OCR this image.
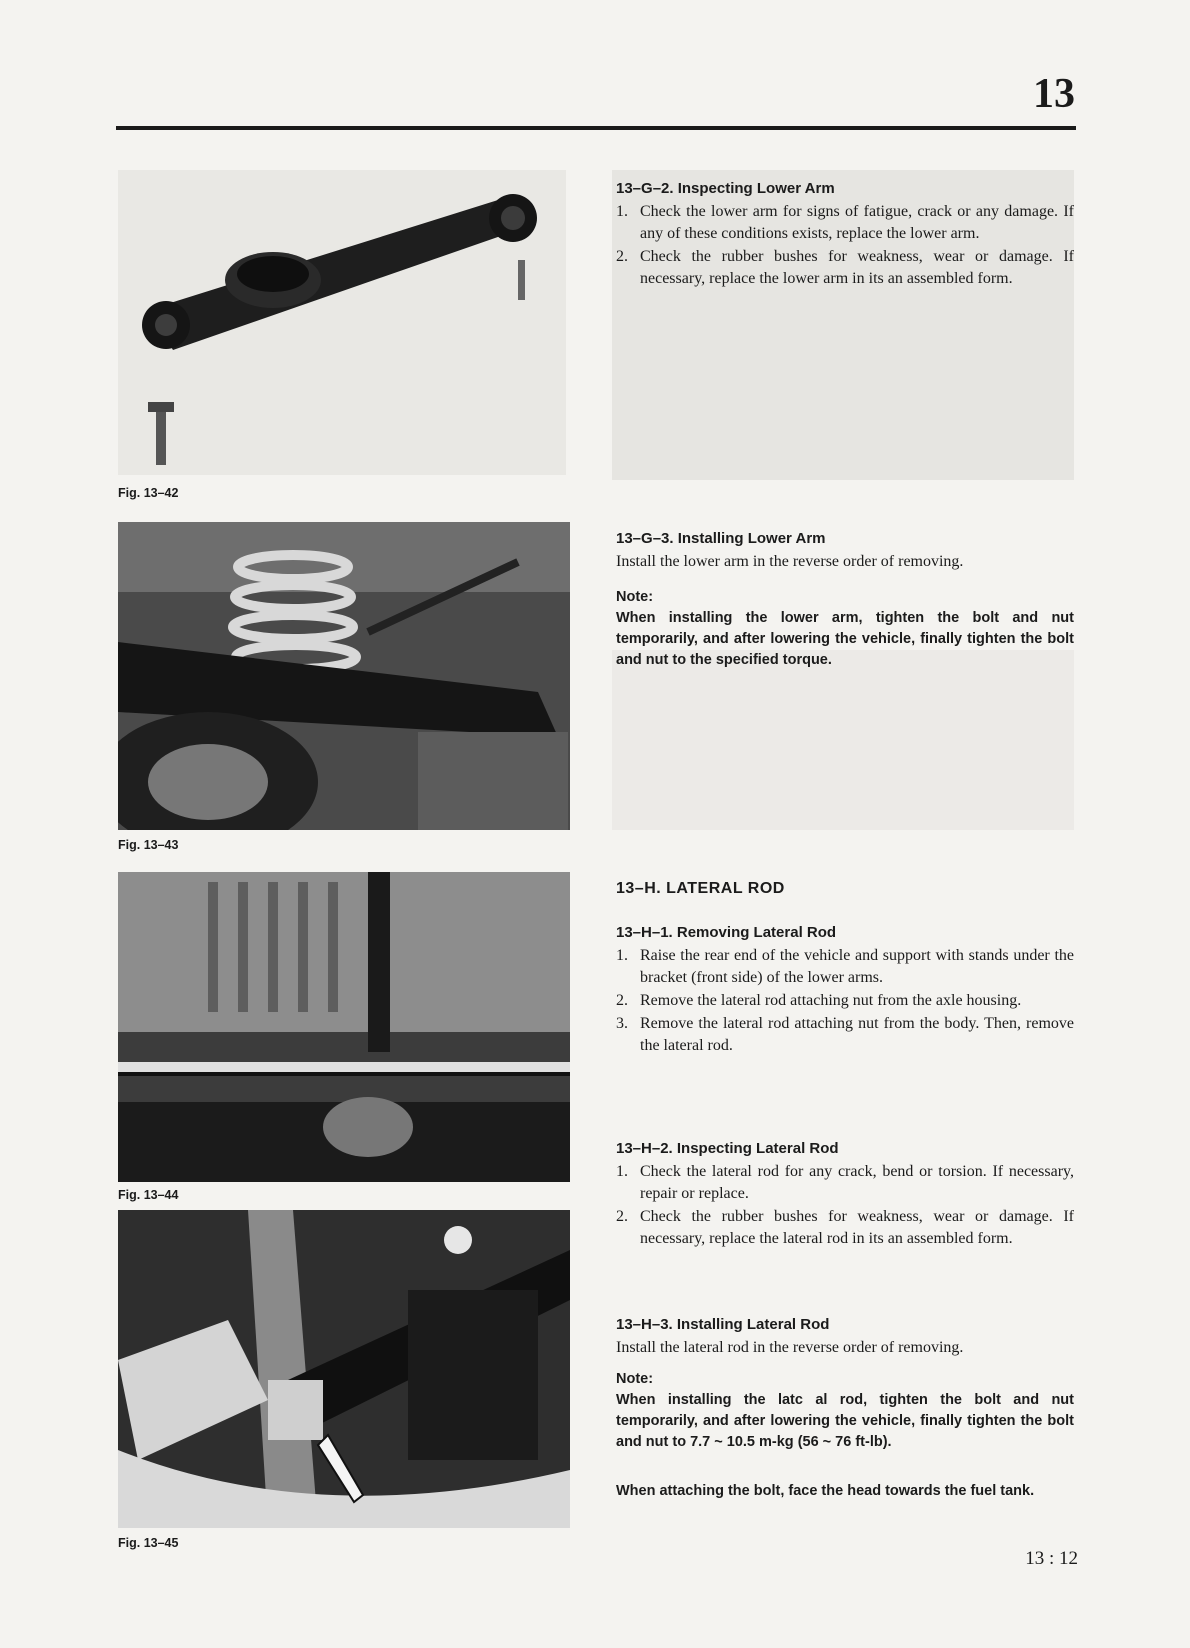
13
Fig. 13–42
Fig. 13–43
Fig. 13–44
Fig. 13–45

13–G–2. Inspecting Lower Arm

1. Check the lower arm for signs of fatigue, crack or any damage. If any of these conditions exists, replace the lower arm.
2. Check the rubber bushes for weakness, wear or damage. If necessary, replace the lower arm in its an assembled form.

13–G–3. Installing Lower Arm

Install the lower arm in the reverse order of removing.

Note:

When installing the lower arm, tighten the bolt and nut temporarily, and after lowering the vehicle, finally tighten the bolt and nut to the specified torque.

13–H. LATERAL ROD

13–H–1. Removing Lateral Rod

1. Raise the rear end of the vehicle and support with stands under the bracket (front side) of the lower arms.
2. Remove the lateral rod attaching nut from the axle housing.
3. Remove the lateral rod attaching nut from the body. Then, remove the lateral rod.

13–H–2. Inspecting Lateral Rod

1. Check the lateral rod for any crack, bend or torsion. If necessary, repair or replace.
2. Check the rubber bushes for weakness, wear or damage. If necessary, replace the lateral rod in its an assembled form.

13–H–3. Installing Lateral Rod

Install the lateral rod in the reverse order of removing.

Note:

When installing the latc al rod, tighten the bolt and nut temporarily, and after lowering the vehicle, finally tighten the bolt and nut to 7.7 ~ 10.5 m-kg (56 ~ 76 ft-lb).

When attaching the bolt, face the head towards the fuel tank.

13 : 12
